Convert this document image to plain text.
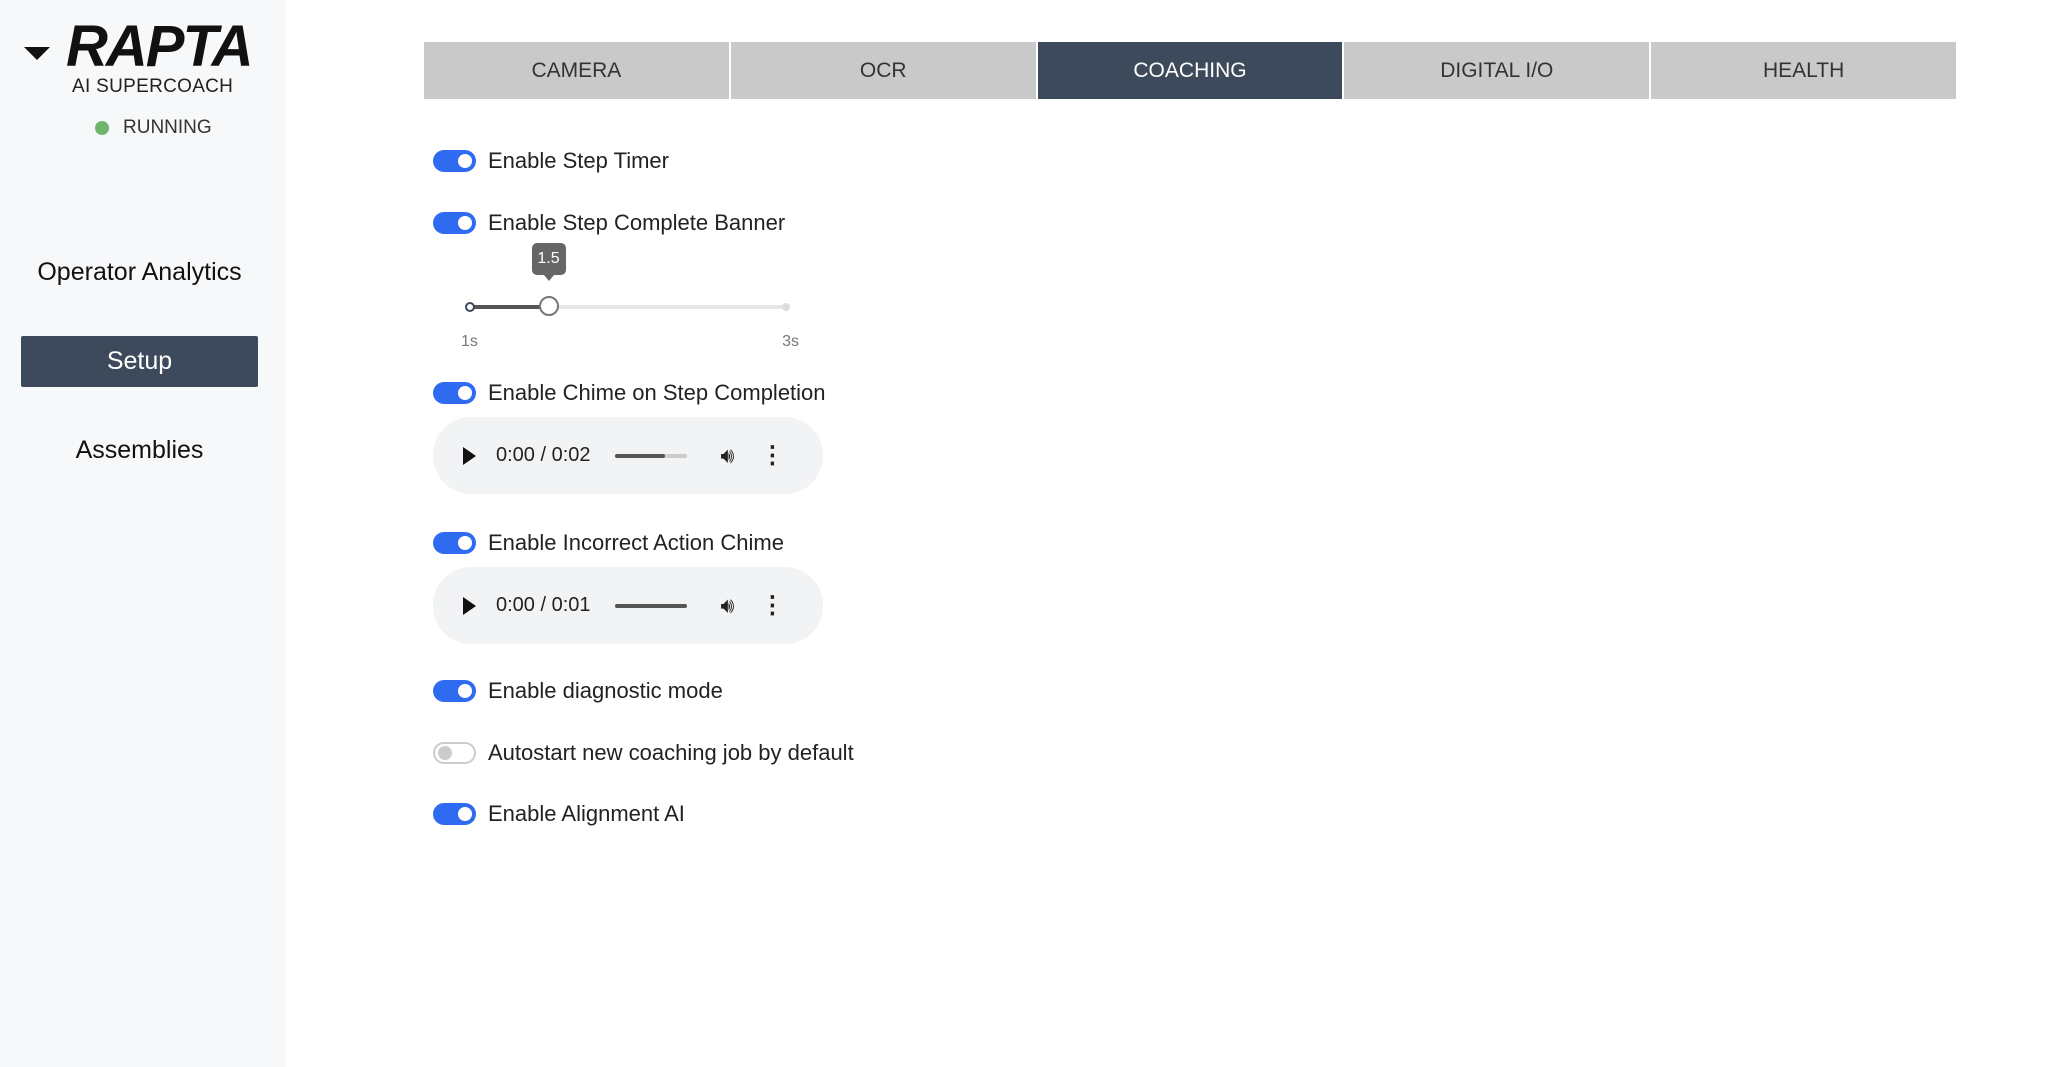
RAPTA
AI SUPERCOACH
RUNNING
Operator Analytics
Setup
Assemblies
CAMERA	OCR	COACHING	DIGITAL I/O	HEALTH
Enable Step Timer
Enable Step Complete Banner
1.5
1s	3s
Enable Chime on Step Completion
0:00 / 0:02	🔊︎ ⋮
Enable Incorrect Action Chime
0:00 / 0:01	🔊︎ ⋮
Enable diagnostic mode
Autostart new coaching job by default
Enable Alignment AI
